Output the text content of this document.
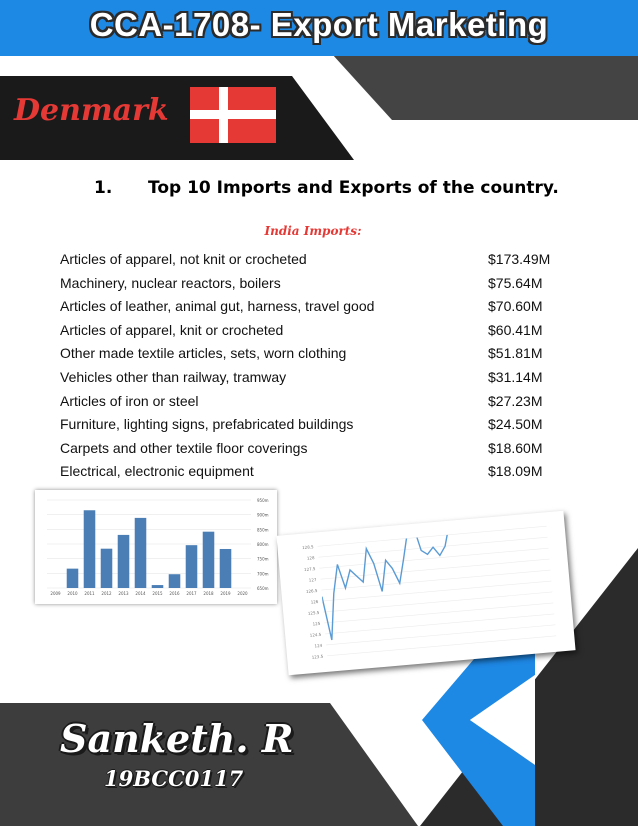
CCA-1708- Export Marketing
Denmark
1. Top 10 Imports and Exports of the country.
India Imports:
Articles of apparel, not knit or crocheted	$173.49M
Machinery, nuclear reactors, boilers	$75.64M
Articles of leather, animal gut, harness, travel good	$70.60M
Articles of apparel, knit or crocheted	$60.41M
Other made textile articles, sets, worn clothing	$51.81M
Vehicles other than railway, tramway	$31.14M
Articles of iron or steel	$27.23M
Furniture, lighting signs, prefabricated buildings	$24.50M
Carpets and other textile floor coverings	$18.60M
Electrical, electronic equipment	$18.09M
650m
700m
750m
800m
850m
900m
950m
2009 2010 2011 2012 2013 2014 2015 2016 2017 2018 2019 2020
123.5
124
124.5
125
125.5
126
126.5
127
127.5
128
128.5
Sanketh. R
19BCC0117
